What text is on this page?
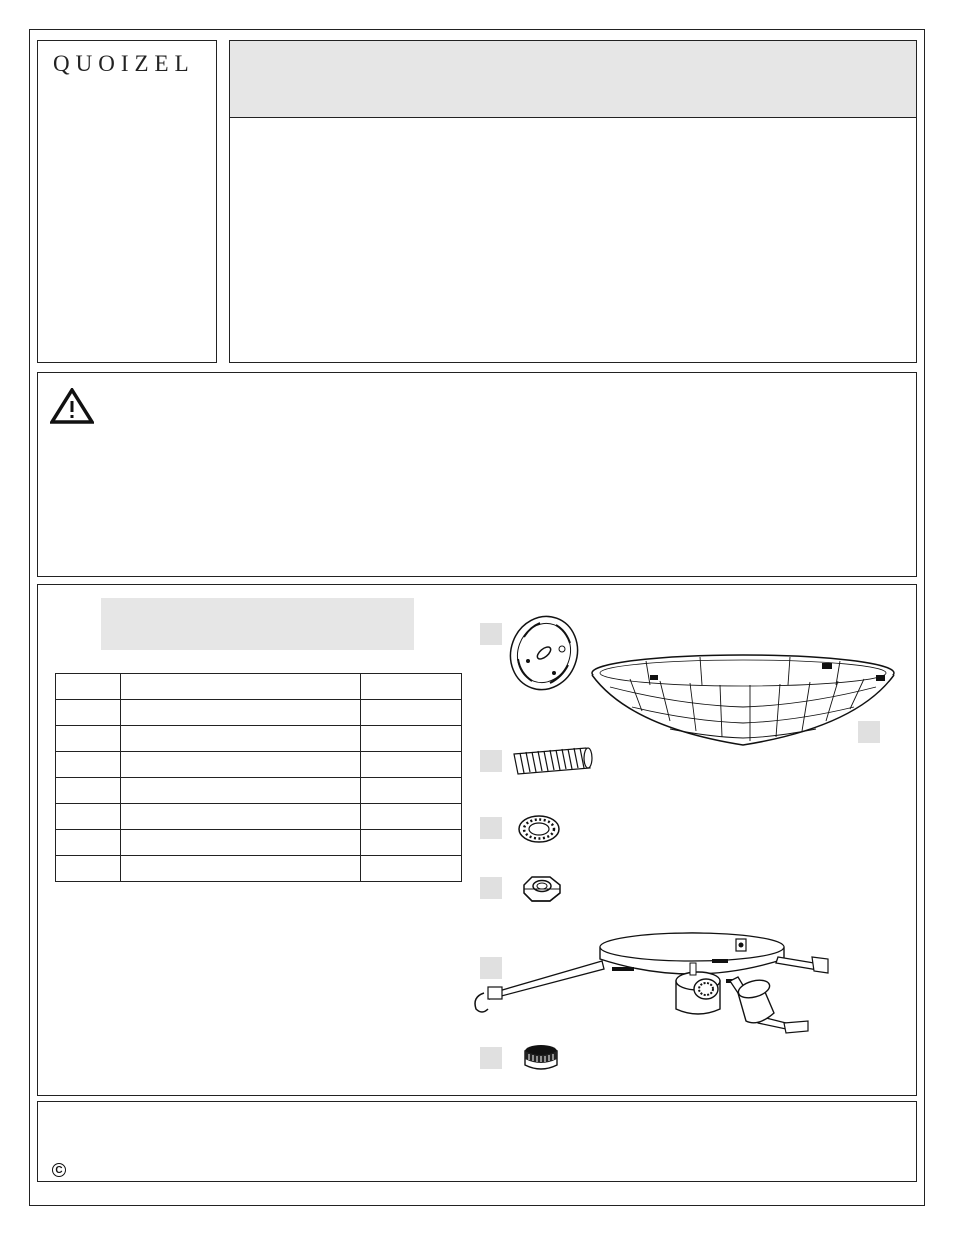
QUOIZEL

C
